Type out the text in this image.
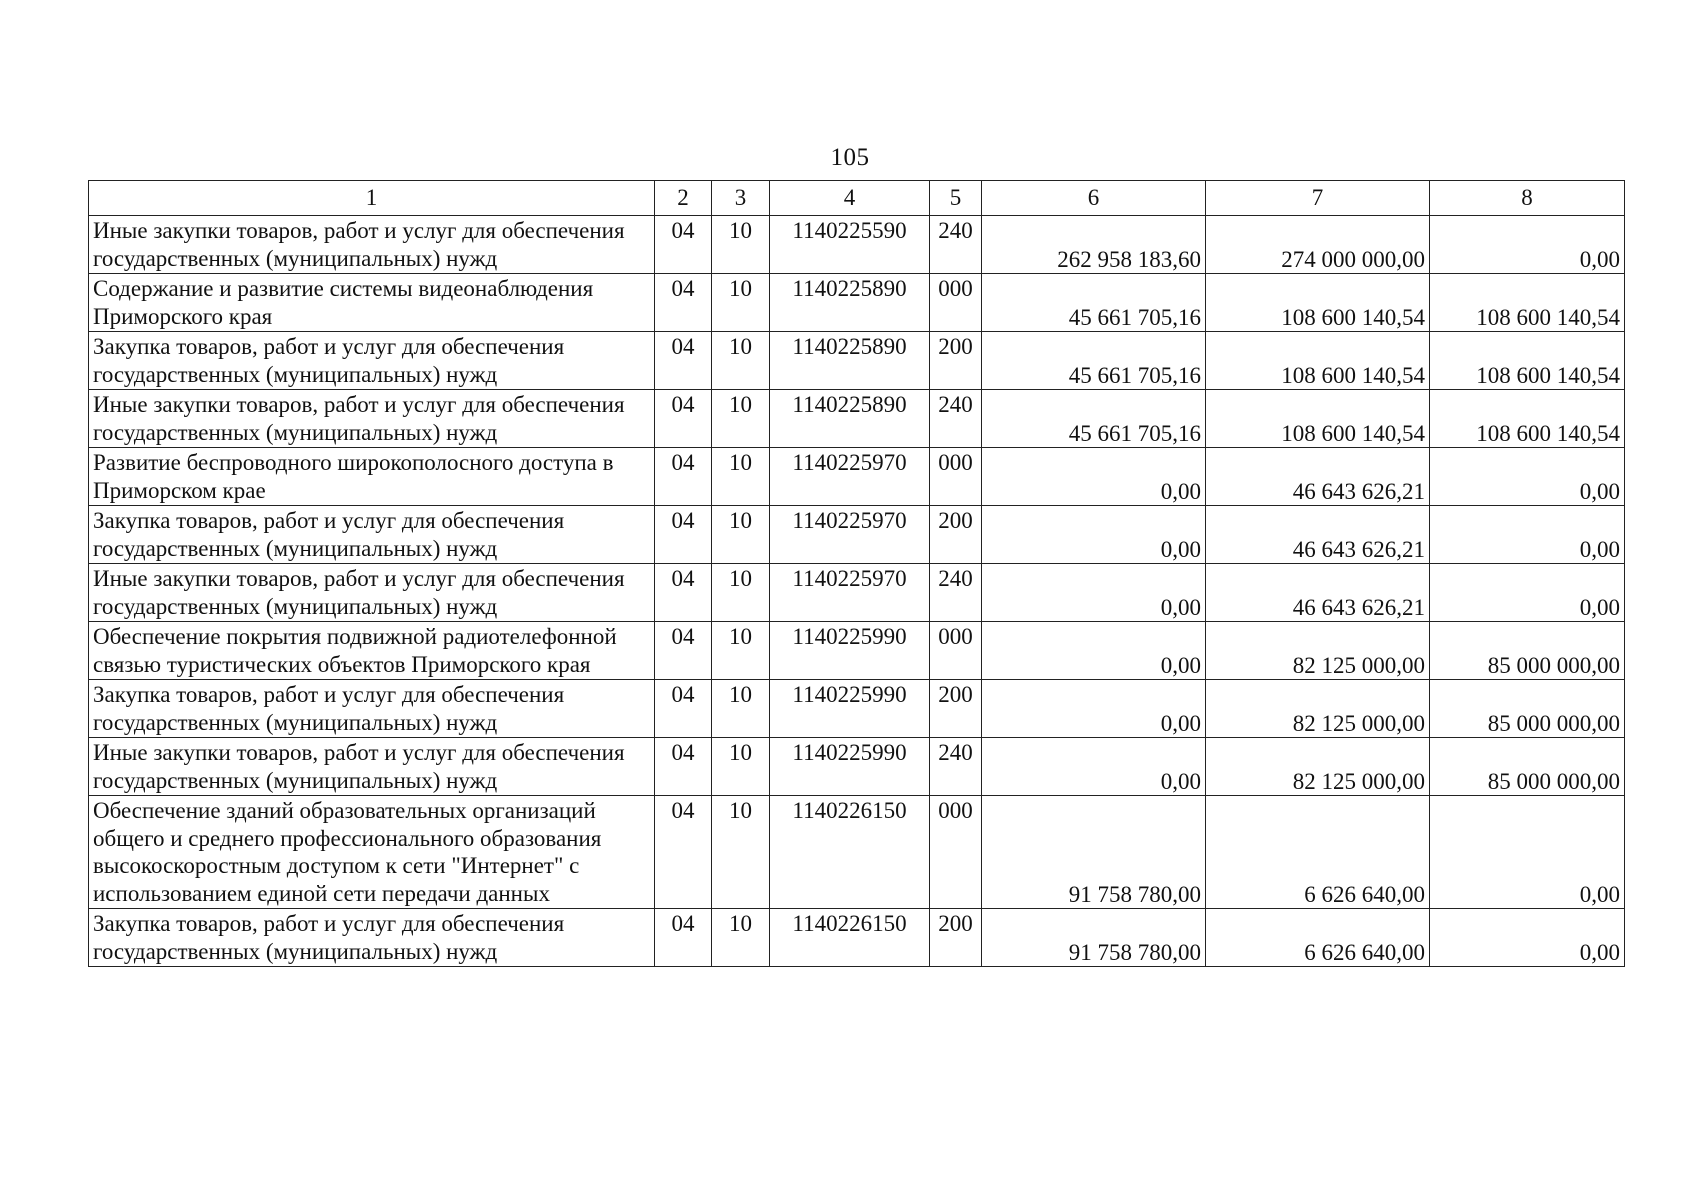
105
1	2	3	4	5	6	7	8
Иные закупки товаров, работ и услуг для обеспечения государственных (муниципальных) нужд	04	10	1140225590	240	262 958 183,60	274 000 000,00	0,00
Содержание и развитие системы видеонаблюдения Приморского края	04	10	1140225890	000	45 661 705,16	108 600 140,54	108 600 140,54
Закупка товаров, работ и услуг для обеспечения государственных (муниципальных) нужд	04	10	1140225890	200	45 661 705,16	108 600 140,54	108 600 140,54
Иные закупки товаров, работ и услуг для обеспечения государственных (муниципальных) нужд	04	10	1140225890	240	45 661 705,16	108 600 140,54	108 600 140,54
Развитие беспроводного широкополосного доступа в Приморском крае	04	10	1140225970	000	0,00	46 643 626,21	0,00
Закупка товаров, работ и услуг для обеспечения государственных (муниципальных) нужд	04	10	1140225970	200	0,00	46 643 626,21	0,00
Иные закупки товаров, работ и услуг для обеспечения государственных (муниципальных) нужд	04	10	1140225970	240	0,00	46 643 626,21	0,00
Обеспечение покрытия подвижной радиотелефонной связью туристических объектов Приморского края	04	10	1140225990	000	0,00	82 125 000,00	85 000 000,00
Закупка товаров, работ и услуг для обеспечения государственных (муниципальных) нужд	04	10	1140225990	200	0,00	82 125 000,00	85 000 000,00
Иные закупки товаров, работ и услуг для обеспечения государственных (муниципальных) нужд	04	10	1140225990	240	0,00	82 125 000,00	85 000 000,00
Обеспечение зданий образовательных организаций общего и среднего профессионального образования высокоскоростным доступом к сети "Интернет" с использованием единой сети передачи данных	04	10	1140226150	000	91 758 780,00	6 626 640,00	0,00
Закупка товаров, работ и услуг для обеспечения государственных (муниципальных) нужд	04	10	1140226150	200	91 758 780,00	6 626 640,00	0,00
